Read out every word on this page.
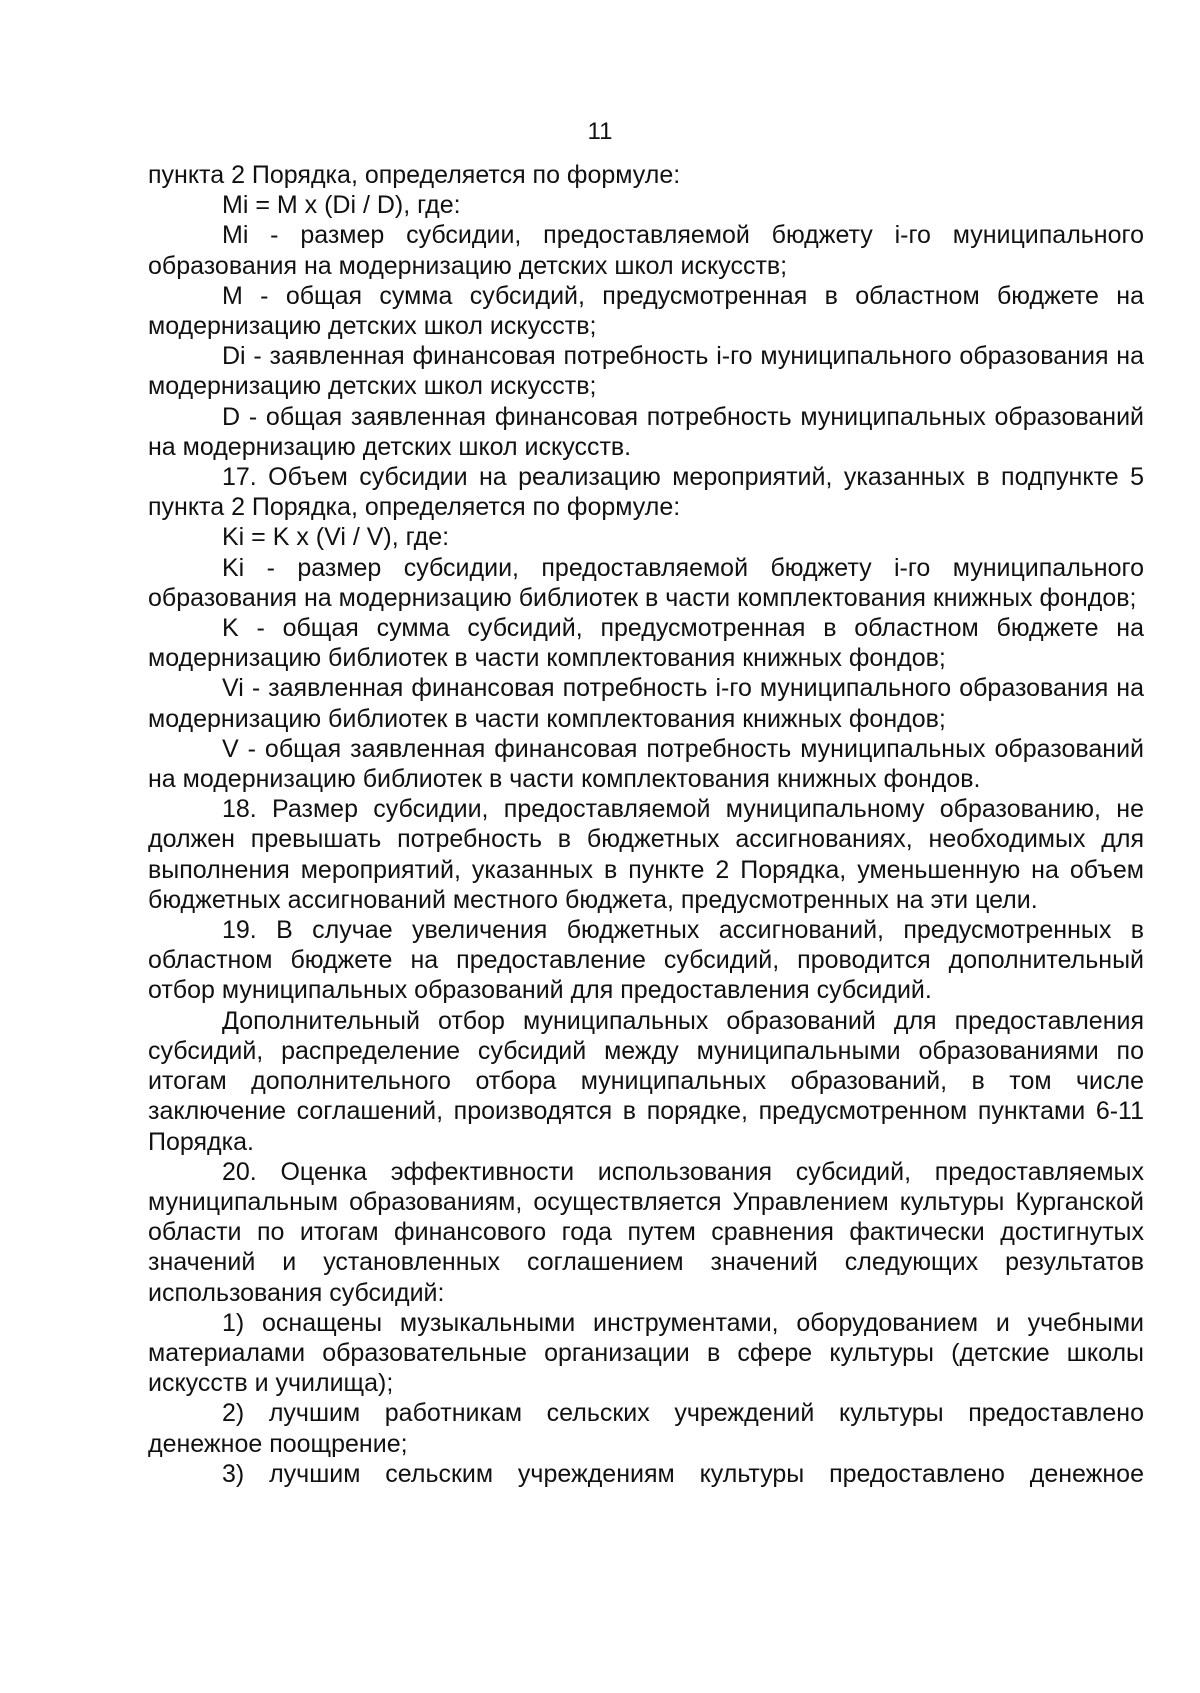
11

пункта 2 Порядка, определяется по формуле:

Mi = M x (Di / D), где:

Mi - размер субсидии, предоставляемой бюджету i-го муниципального образования на модернизацию детских школ искусств;

M - общая сумма субсидий, предусмотренная в областном бюджете на модернизацию детских школ искусств;

Di - заявленная финансовая потребность i-го муниципального образования на модернизацию детских школ искусств;

D - общая заявленная финансовая потребность муниципальных образований на модернизацию детских школ искусств.

17. Объем субсидии на реализацию мероприятий, указанных в подпункте 5 пункта 2 Порядка, определяется по формуле:

Ki = K x (Vi / V), где:

Ki - размер субсидии, предоставляемой бюджету i-го муниципального образования на модернизацию библиотек в части комплектования книжных фондов;

K - общая сумма субсидий, предусмотренная в областном бюджете на модернизацию библиотек в части комплектования книжных фондов;

Vi - заявленная финансовая потребность i-го муниципального образования на модернизацию библиотек в части комплектования книжных фондов;

V - общая заявленная финансовая потребность муниципальных образований на модернизацию библиотек в части комплектования книжных фондов.

18. Размер субсидии, предоставляемой муниципальному образованию, не должен превышать потребность в бюджетных ассигнованиях, необходимых для выполнения мероприятий, указанных в пункте 2 Порядка, уменьшенную на объем бюджетных ассигнований местного бюджета, предусмотренных на эти цели.

19. В случае увеличения бюджетных ассигнований, предусмотренных в областном бюджете на предоставление субсидий, проводится дополнительный отбор муниципальных образований для предоставления субсидий.

Дополнительный отбор муниципальных образований для предоставления субсидий, распределение субсидий между муниципальными образованиями по итогам дополнительного отбора муниципальных образований, в том числе заключение соглашений, производятся в порядке, предусмотренном пунктами 6-11 Порядка.

20. Оценка эффективности использования субсидий, предоставляемых муниципальным образованиям, осуществляется Управлением культуры Курганской области по итогам финансового года путем сравнения фактически достигнутых значений и установленных соглашением значений следующих результатов использования субсидий:

1) оснащены музыкальными инструментами, оборудованием и учебными материалами образовательные организации в сфере культуры (детские школы искусств и училища);

2) лучшим работникам сельских учреждений культуры предоставлено денежное поощрение;

3) лучшим сельским учреждениям культуры предоставлено денежное
